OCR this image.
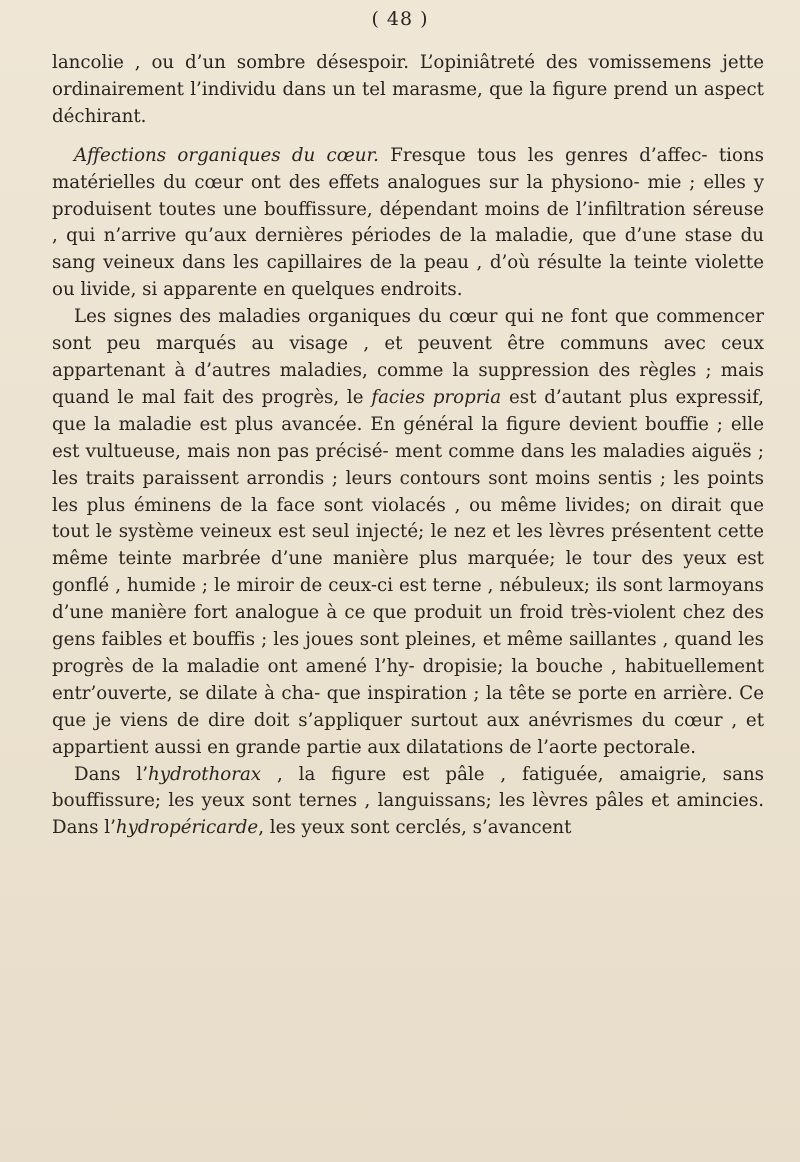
( 48 )

lancolie , ou d’un sombre désespoir. L’opiniâtreté des vomissemens jette ordinairement l’individu dans un tel marasme, que la figure prend un aspect déchirant.

Affections organiques du cœur. Fresque tous les genres d’affec- tions matérielles du cœur ont des effets analogues sur la physiono- mie ; elles y produisent toutes une bouffissure, dépendant moins de l’infiltration séreuse , qui n’arrive qu’aux dernières périodes de la maladie, que d’une stase du sang veineux dans les capillaires de la peau , d’où résulte la teinte violette ou livide, si apparente en quelques endroits.

Les signes des maladies organiques du cœur qui ne font que commencer sont peu marqués au visage , et peuvent être communs avec ceux appartenant à d’autres maladies, comme la suppression des règles ; mais quand le mal fait des progrès, le facies propria est d’autant plus expressif, que la maladie est plus avancée. En général la figure devient bouffie ; elle est vultueuse, mais non pas précisé- ment comme dans les maladies aiguës ; les traits paraissent arrondis ; leurs contours sont moins sentis ; les points les plus éminens de la face sont violacés , ou même livides; on dirait que tout le système veineux est seul injecté; le nez et les lèvres présentent cette même teinte marbrée d’une manière plus marquée; le tour des yeux est gonflé , humide ; le miroir de ceux-ci est terne , nébuleux; ils sont larmoyans d’une manière fort analogue à ce que produit un froid très-violent chez des gens faibles et bouffis ; les joues sont pleines, et même saillantes , quand les progrès de la maladie ont amené l’hy- dropisie; la bouche , habituellement entr’ouverte, se dilate à cha- que inspiration ; la tête se porte en arrière. Ce que je viens de dire doit s’appliquer surtout aux anévrismes du cœur , et appartient aussi en grande partie aux dilatations de l’aorte pectorale.

Dans l’hydrothorax , la figure est pâle , fatiguée, amaigrie, sans bouffissure; les yeux sont ternes , languissans; les lèvres pâles et amincies. Dans l’hydropéricarde, les yeux sont cerclés, s’avancent
